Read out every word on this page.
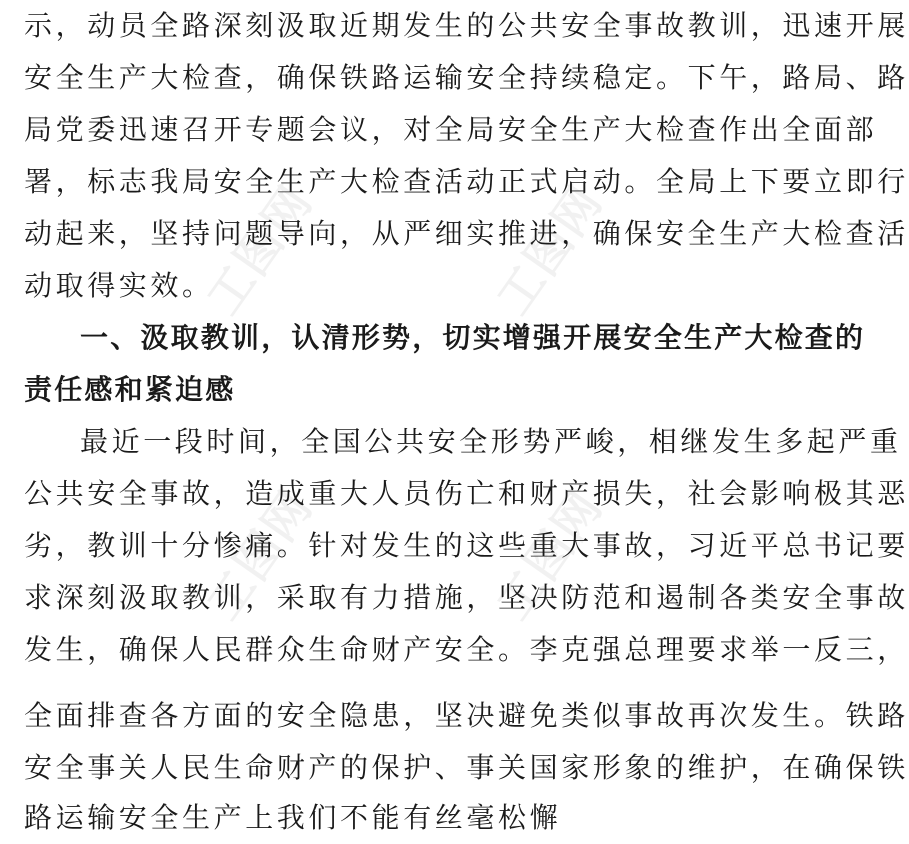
工图网	工图网
工图网	工图网
示，动员全路深刻汲取近期发生的公共安全事故教训，迅速开展
安全生产大检查，确保铁路运输安全持续稳定。下午，路局、路
局党委迅速召开专题会议，对全局安全生产大检查作出全面部
署，标志我局安全生产大检查活动正式启动。全局上下要立即行
动起来，坚持问题导向，从严细实推进，确保安全生产大检查活
动取得实效。
一、汲取教训，认清形势，切实增强开展安全生产大检查的
责任感和紧迫感
最近一段时间，全国公共安全形势严峻，相继发生多起严重
公共安全事故，造成重大人员伤亡和财产损失，社会影响极其恶
劣，教训十分惨痛。针对发生的这些重大事故，习近平总书记要
求深刻汲取教训，采取有力措施，坚决防范和遏制各类安全事故
发生，确保人民群众生命财产安全。李克强总理要求举一反三，
全面排查各方面的安全隐患，坚决避免类似事故再次发生。铁路
安全事关人民生命财产的保护、事关国家形象的维护，在确保铁
路运输安全生产上我们不能有丝毫松懈
